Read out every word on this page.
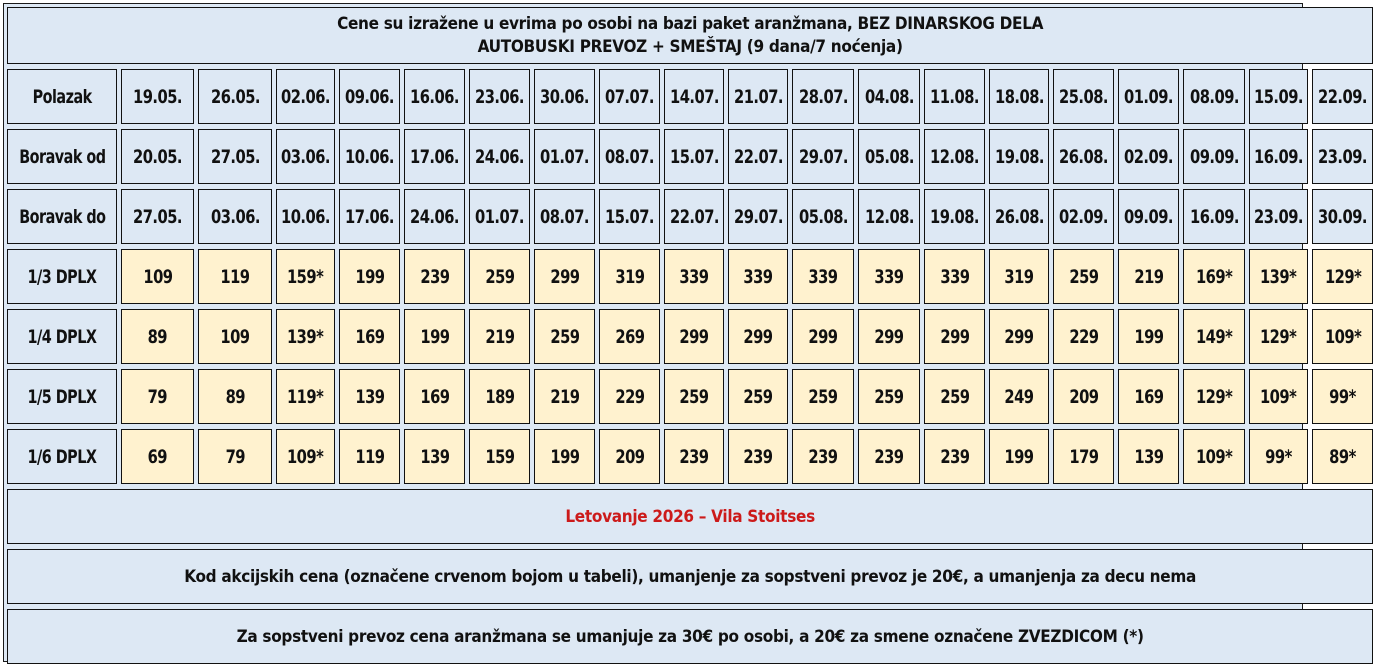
Cene su izražene u evrima po osobi na bazi paket aranžmana, BEZ DINARSKOG DELA
AUTOBUSKI PREVOZ + SMEŠTAJ (9 dana/7 noćenja)																			

Polazak	19.05.	26.05.	02.06.	09.06.	16.06.	23.06.	30.06.	07.07.	14.07.	21.07.	28.07.	04.08.	11.08.	18.08.	25.08.	01.09.	08.09.	15.09.	22.09.
Boravak od	20.05.	27.05.	03.06.	10.06.	17.06.	24.06.	01.07.	08.07.	15.07.	22.07.	29.07.	05.08.	12.08.	19.08.	26.08.	02.09.	09.09.	16.09.	23.09.
Boravak do	27.05.	03.06.	10.06.	17.06.	24.06.	01.07.	08.07.	15.07.	22.07.	29.07.	05.08.	12.08.	19.08.	26.08.	02.09.	09.09.	16.09.	23.09.	30.09.
1/3 DPLX	109	119	159*	199	239	259	299	319	339	339	339	339	339	319	259	219	169*	139*	129*
1/4 DPLX	89	109	139*	169	199	219	259	269	299	299	299	299	299	299	229	199	149*	129*	109*
1/5 DPLX	79	89	119*	139	169	189	219	229	259	259	259	259	259	249	209	169	129*	109*	99*
1/6 DPLX	69	79	109*	119	139	159	199	209	239	239	239	239	239	199	179	139	109*	99*	89*
Letovanje 2026 – Vila Stoitses																			
Kod akcijskih cena (označene crvenom bojom u tabeli), umanjenje za sopstveni prevoz je 20€, a umanjenja za decu nema																			
Za sopstveni prevoz cena aranžmana se umanjuje za 30€ po osobi, a 20€ za smene označene ZVEZDICOM (*)																			
